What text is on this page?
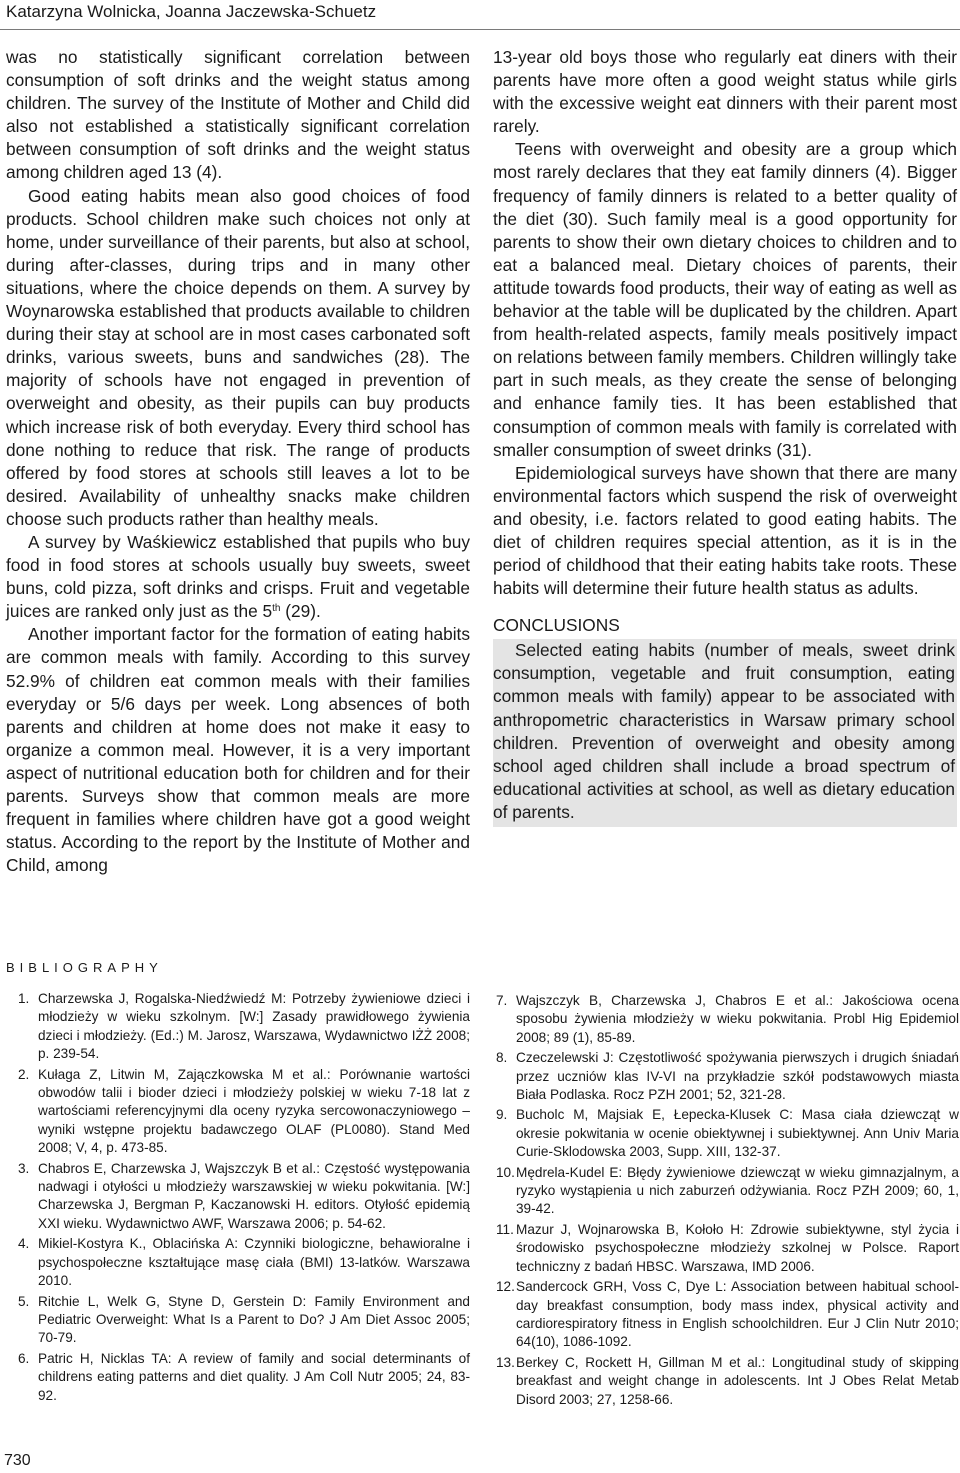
Katarzyna Wolnicka, Joanna Jaczewska-Schuetz

was no statistically significant correlation between consumption of soft drinks and the weight status among children. The survey of the Institute of Mother and Child did also not established a statistically significant correlation between consumption of soft drinks and the weight status among children aged 13 (4).

Good eating habits mean also good choices of food products. School children make such choices not only at home, under surveillance of their parents, but also at school, during after-classes, during trips and in many other situations, where the choice depends on them. A survey by Woynarowska established that products available to children during their stay at school are in most cases carbonated soft drinks, various sweets, buns and sandwiches (28). The majority of schools have not engaged in prevention of overweight and obesity, as their pupils can buy products which increase risk of both everyday. Every third school has done nothing to reduce that risk. The range of products offered by food stores at schools still leaves a lot to be desired. Availability of unhealthy snacks make children choose such products rather than healthy meals.

A survey by Waśkiewicz established that pupils who buy food in food stores at schools usually buy sweets, sweet buns, cold pizza, soft drinks and crisps. Fruit and vegetable juices are ranked only just as the 5th (29).

Another important factor for the formation of eating habits are common meals with family. According to this survey 52.9% of children eat common meals with their families everyday or 5/6 days per week. Long absences of both parents and children at home does not make it easy to organize a common meal. However, it is a very important aspect of nutritional education both for children and for their parents. Surveys show that common meals are more frequent in families where children have got a good weight status. According to the report by the Institute of Mother and Child, among

13-year old boys those who regularly eat diners with their parents have more often a good weight status while girls with the excessive weight eat dinners with their parent most rarely.

Teens with overweight and obesity are a group which most rarely declares that they eat family dinners (4). Bigger frequency of family dinners is related to a better quality of the diet (30). Such family meal is a good opportunity for parents to show their own dietary choices to children and to eat a balanced meal. Dietary choices of parents, their attitude towards food products, their way of eating as well as behavior at the table will be duplicated by the children. Apart from health-related aspects, family meals positively impact on relations between family members. Children willingly take part in such meals, as they create the sense of belonging and enhance family ties. It has been established that consumption of common meals with family is correlated with smaller consumption of sweet drinks (31).

Epidemiological surveys have shown that there are many environmental factors which suspend the risk of overweight and obesity, i.e. factors related to good eating habits. The diet of children requires special attention, as it is in the period of childhood that their eating habits take roots. These habits will determine their future health status as adults.

CONCLUSIONS

Selected eating habits (number of meals, sweet drink consumption, vegetable and fruit consumption, eating common meals with family) appear to be associated with anthropometric characteristics in Warsaw primary school children. Prevention of overweight and obesity among school aged children shall include a broad spectrum of educational activities at school, as well as dietary education of parents.

BIBLIOGRAPHY
1. Charzewska J, Rogalska-Niedźwiedź M: Potrzeby żywieniowe dzieci i młodzieży w wieku szkolnym. [W:] Zasady prawidłowego żywienia dzieci i młodzieży. (Ed.:) M. Jarosz, Warszawa, Wydawnictwo IŻŻ 2008; p. 239-54.
2. Kułaga Z, Litwin M, Zajączkowska M et al.: Porównanie wartości obwodów talii i bioder dzieci i młodzieży polskiej w wieku 7-18 lat z wartościami referencyjnymi dla oceny ryzyka sercowonaczyniowego – wyniki wstępne projektu badawczego OLAF (PL0080). Stand Med 2008; V, 4, p. 473-85.
3. Chabros E, Charzewska J, Wajszczyk B et al.: Częstość występowania nadwagi i otyłości u młodzieży warszawskiej w wieku pokwitania. [W:] Charzewska J, Bergman P, Kaczanowski H. editors. Otyłość epidemią XXI wieku. Wydawnictwo AWF, Warszawa 2006; p. 54-62.
4. Mikiel-Kostyra K., Oblacińska A: Czynniki biologiczne, behawioralne i psychospołeczne kształtujące masę ciała (BMI) 13-latków. Warszawa 2010.
5. Ritchie L, Welk G, Styne D, Gerstein D: Family Environment and Pediatric Overweight: What Is a Parent to Do? J Am Diet Assoc 2005; 70-79.
6. Patric H, Nicklas TA: A review of family and social determinants of childrens eating patterns and diet quality. J Am Coll Nutr 2005; 24, 83-92.
7. Wajszczyk B, Charzewska J, Chabros E et al.: Jakościowa ocena sposobu żywienia młodzieży w wieku pokwitania. Probl Hig Epidemiol 2008; 89 (1), 85-89.
8. Czeczelewski J: Częstotliwość spożywania pierwszych i drugich śniadań przez uczniów klas IV-VI na przykładzie szkół podstawowych miasta Biała Podlaska. Rocz PZH 2001; 52, 321-28.
9. Bucholc M, Majsiak E, Łepecka-Klusek C: Masa ciała dziewcząt w okresie pokwitania w ocenie obiektywnej i subiektywnej. Ann Univ Maria Curie-Sklodowska 2003, Supp. XIII, 132-37.
10.Mędrela-Kudel E: Błędy żywieniowe dziewcząt w wieku gimnazjalnym, a ryzyko wystąpienia u nich zaburzeń odżywiania. Rocz PZH 2009; 60, 1, 39-42.
11. Mazur J, Wojnarowska B, Kołoło H: Zdrowie subiektywne, styl życia i środowisko psychospołeczne młodzieży szkolnej w Polsce. Raport techniczny z badań HBSC. Warszawa, IMD 2006.
12.Sandercock GRH, Voss C, Dye L: Association between habitual school-day breakfast consumption, body mass index, physical activity and cardiorespiratory fitness in English schoolchildren. Eur J Clin Nutr 2010; 64(10), 1086-1092.
13.Berkey C, Rockett H, Gillman M et al.: Longitudinal study of skipping breakfast and weight change in adolescents. Int J Obes Relat Metab Disord 2003; 27, 1258-66.
730
